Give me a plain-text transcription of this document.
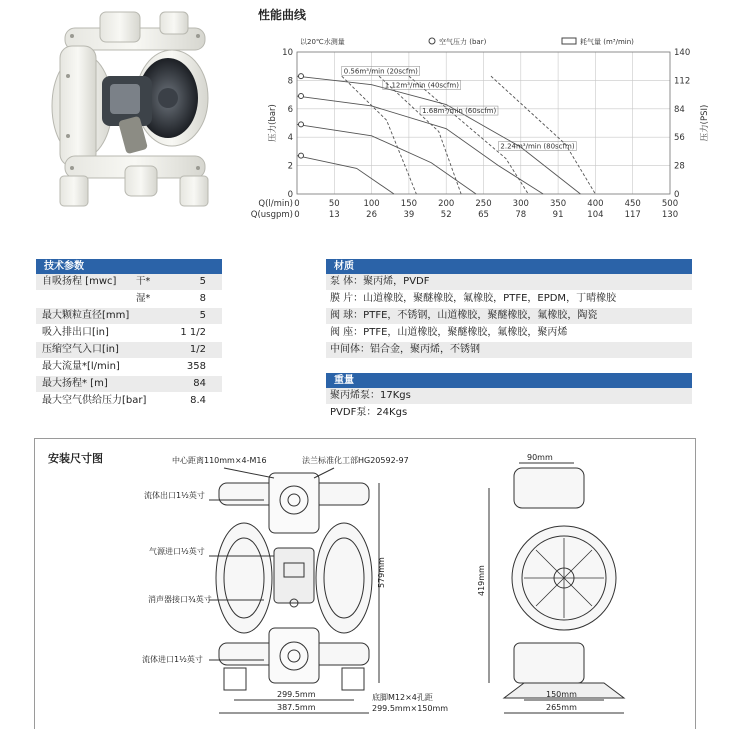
性能曲线
以20℃水测量	空气压力 (bar)	耗气量 (m³/min)
0	50	100 150 200 250 300 350 400 450 500
0	13	26	39	52	65	78	91	104 117 130
0
2
4
6
8
10
0
28
56
84
112
140
0.56m³/min (20scfm)
1.12m³/min (40scfm)
1.68m³/min (60scfm)
2.24m³/min (80scfm)
压力(bar)	压力(PSI)
Q(l/min)
Q(usgpm)
技术参数
自吸扬程 [mwc] 干*	5
湿*	8
最大颗粒直径[mm]	5
吸入排出口[in]	1 1/2
压缩空气入口[in]	1/2
最大流量*[l/min]	358
最大扬程* [m]	84
最大空气供给压力[bar]	8.4
材质
泵 体：聚丙烯，PVDF
膜 片：山道橡胶，聚醚橡胶，氟橡胶，PTFE，EPDM，丁晴橡胶
阀 球：PTFE，不锈钢，山道橡胶，聚醚橡胶，氟橡胶，陶瓷
阀 座：PTFE，山道橡胶，聚醚橡胶，氟橡胶，聚丙烯
中间体：铝合金，聚丙烯，不锈钢
重量
聚丙烯泵：17Kgs
PVDF泵：24Kgs
安装尺寸图	中心距离110mm×4-M16	法兰标准化工部HG20592-97
流体出口1½英寸
气源进口½英寸
消声器接口¾英寸
流体进口1½英寸
579mm
299.5mm
387.5mm
底脚M12×4孔距
299.5mm×150mm
90mm
419mm
150mm
265mm
